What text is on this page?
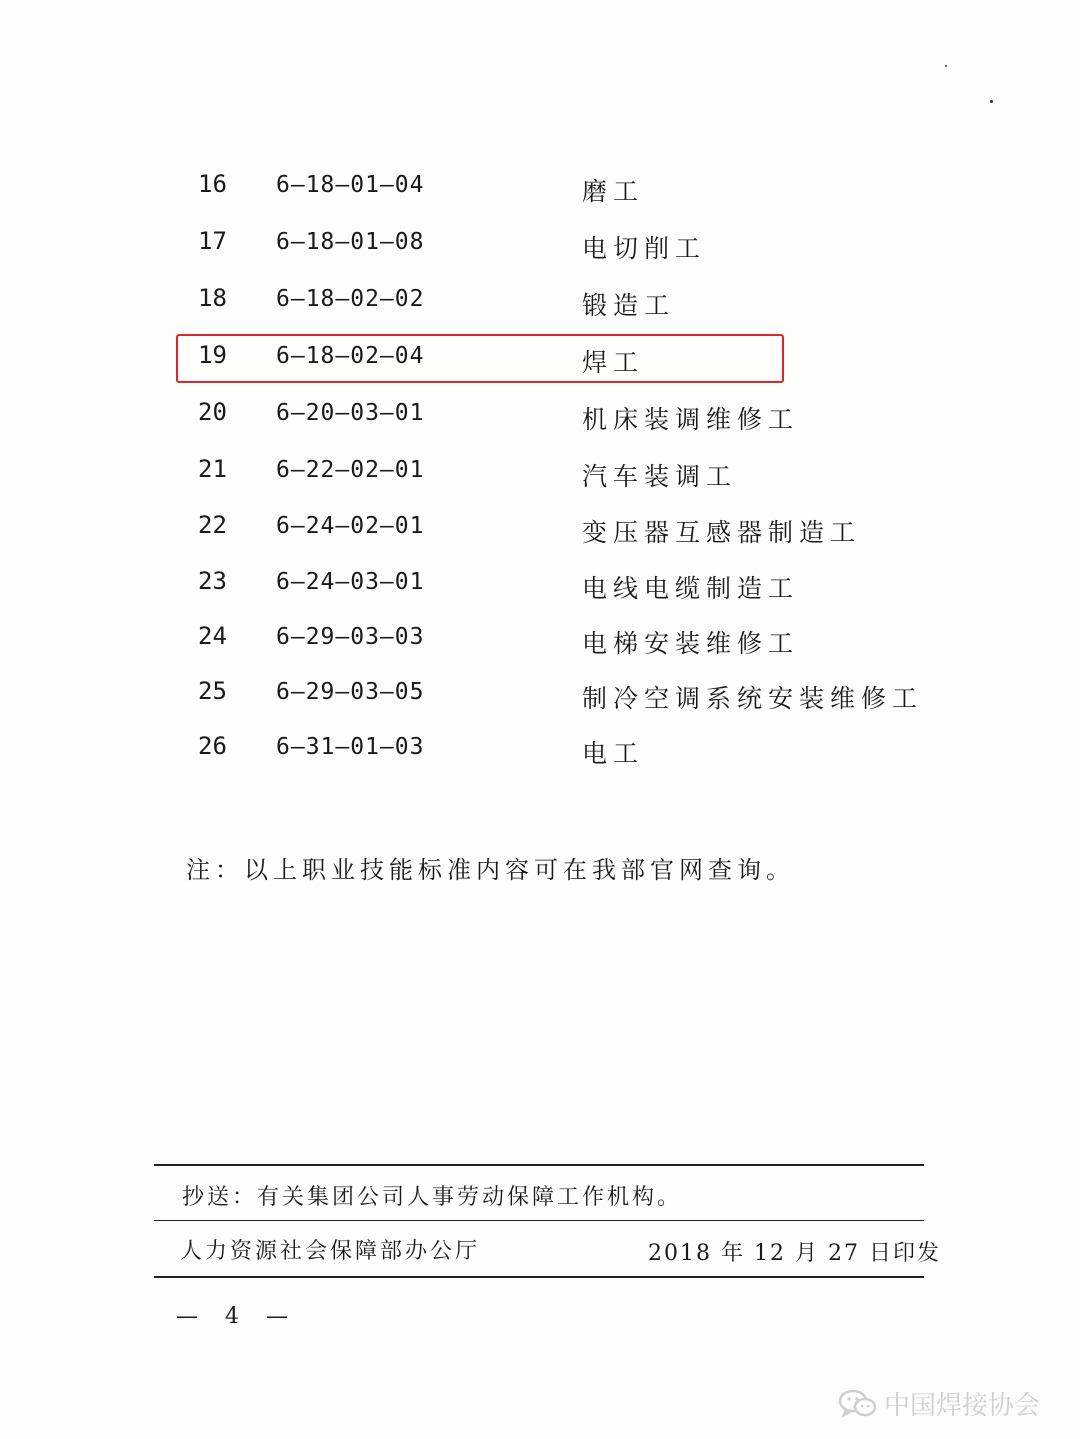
16 6—18—01—04	磨工
17 6—18—01—08	电切削工
18 6—18—02—02	锻造工
19 6—18—02—04	焊工
20 6—20—03—01	机床装调维修工
21 6—22—02—01	汽车装调工
22 6—24—02—01	变压器互感器制造工
23 6—24—03—01	电线电缆制造工
24 6—29—03—03	电梯安装维修工
25 6—29—03—05	制冷空调系统安装维修工
26 6—31—01—03	电工
注：以上职业技能标准内容可在我部官网查询。
抄送：有关集团公司人事劳动保障工作机构。
人力资源社会保障部办公厅	2018 年 12 月 27 日印发
— 4 —
中国焊接协会
